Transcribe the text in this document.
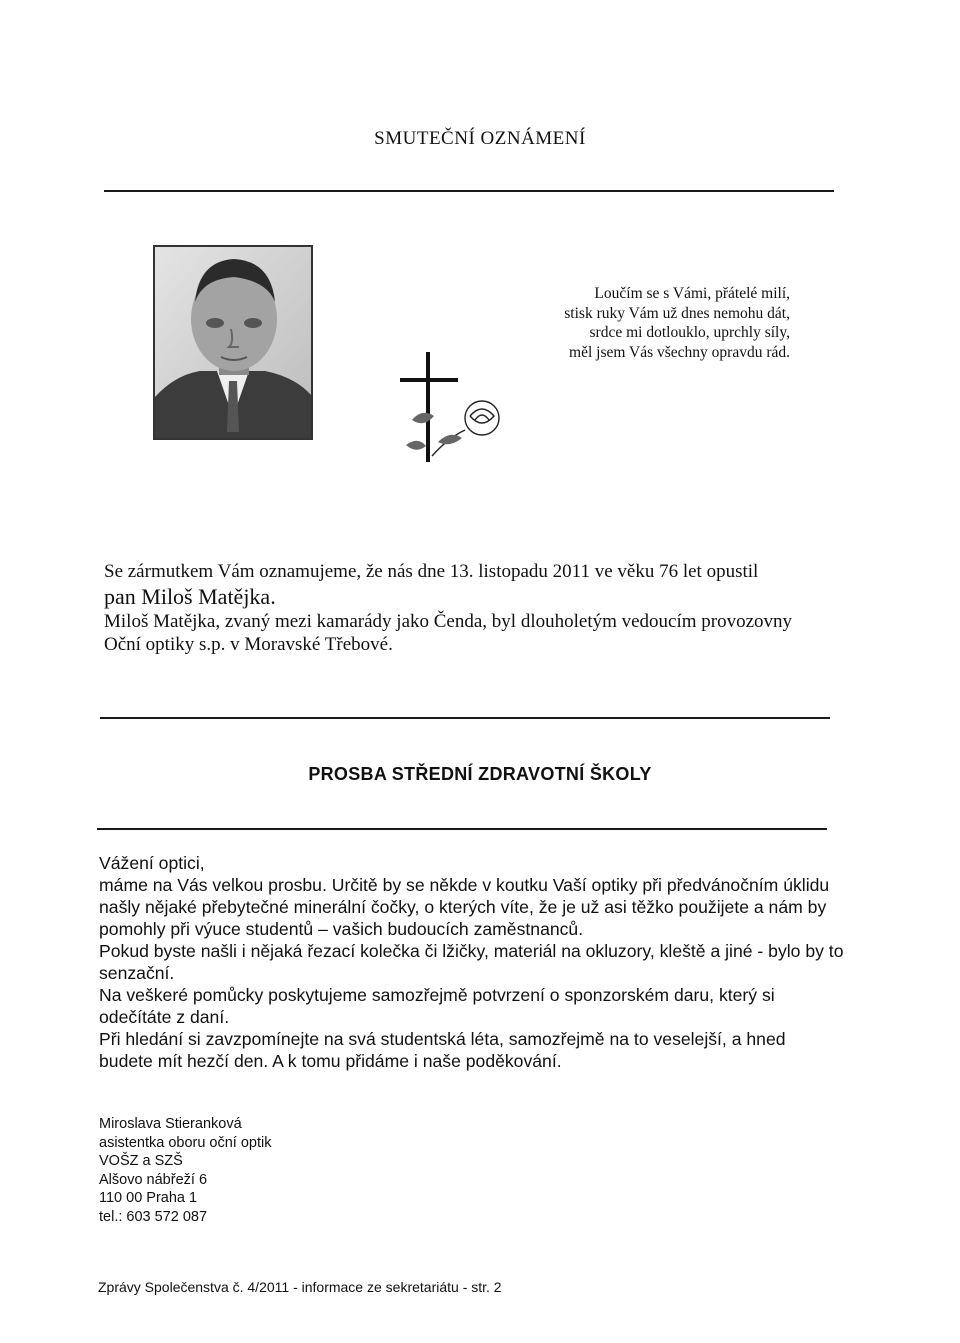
SMUTEČNÍ OZNÁMENÍ
Loučím se s Vámi, přátelé milí,
stisk ruky Vám už dnes nemohu dát,
srdce mi dotlouklo, uprchly síly,
měl jsem Vás všechny opravdu rád.
Se zármutkem Vám oznamujeme, že nás dne 13. listopadu 2011 ve věku 76 let opustil
pan Miloš Matějka.
Miloš Matějka, zvaný mezi kamarády jako Čenda, byl dlouholetým vedoucím provozovny
Oční optiky s.p. v Moravské Třebové.
PROSBA STŘEDNÍ ZDRAVOTNÍ ŠKOLY

Vážení optici,
máme na Vás velkou prosbu. Určitě by se někde v koutku Vaší optiky při předvánočním úklidu našly nějaké přebytečné minerální čočky, o kterých víte, že je už asi těžko použijete a nám by pomohly při výuce studentů – vašich budoucích zaměstnanců.

Pokud byste našli i nějaká řezací kolečka či lžičky, materiál na okluzory, kleště a jiné - bylo by to senzační.

Na veškeré pomůcky poskytujeme samozřejmě potvrzení o sponzorském daru, který si odečítáte z daní.

Při hledání si zavzpomínejte na svá studentská léta, samozřejmě na to veselejší, a hned budete mít hezčí den. A k tomu přidáme i naše poděkování.

Miroslava Stieranková
asistentka oboru oční optik
VOŠZ a SZŠ
Alšovo nábřeží 6
110 00 Praha 1
tel.: 603 572 087
Zprávy Společenstva č. 4/2011 - informace ze sekretariátu - str. 2
